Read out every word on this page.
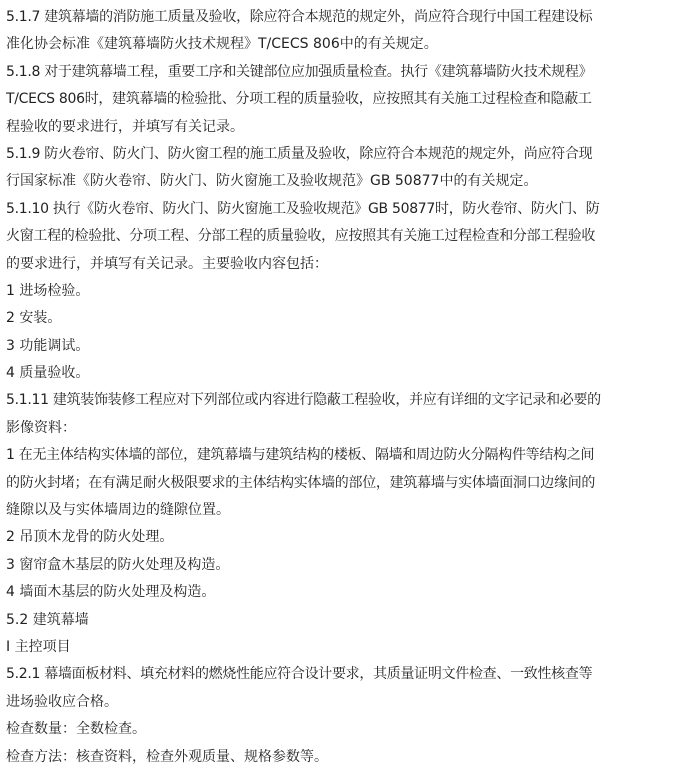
5.1.7 建筑幕墙的消防施工质量及验收，除应符合本规范的规定外，尚应符合现行中国工程建设标

准化协会标准《建筑幕墙防火技术规程》T/CECS 806中的有关规定。

5.1.8 对于建筑幕墙工程，重要工序和关键部位应加强质量检查。执行《建筑幕墙防火技术规程》

T/CECS 806时，建筑幕墙的检验批、分项工程的质量验收，应按照其有关施工过程检查和隐蔽工

程验收的要求进行，并填写有关记录。

5.1.9 防火卷帘、防火门、防火窗工程的施工质量及验收，除应符合本规范的规定外，尚应符合现

行国家标准《防火卷帘、防火门、防火窗施工及验收规范》GB 50877中的有关规定。

5.1.10 执行《防火卷帘、防火门、防火窗施工及验收规范》GB 50877时，防火卷帘、防火门、防

火窗工程的检验批、分项工程、分部工程的质量验收，应按照其有关施工过程检查和分部工程验收

的要求进行，并填写有关记录。主要验收内容包括：

1 进场检验。

2 安装。

3 功能调试。

4 质量验收。

5.1.11 建筑装饰装修工程应对下列部位或内容进行隐蔽工程验收，并应有详细的文字记录和必要的

影像资料：

1 在无主体结构实体墙的部位，建筑幕墙与建筑结构的楼板、隔墙和周边防火分隔构件等结构之间

的防火封堵；在有满足耐火极限要求的主体结构实体墙的部位，建筑幕墙与实体墙面洞口边缘间的

缝隙以及与实体墙周边的缝隙位置。

2 吊顶木龙骨的防火处理。

3 窗帘盒木基层的防火处理及构造。

4 墙面木基层的防火处理及构造。

5.2 建筑幕墙

Ⅰ 主控项目

5.2.1 幕墙面板材料、填充材料的燃烧性能应符合设计要求，其质量证明文件检查、一致性核查等

进场验收应合格。

检查数量：全数检查。

检查方法：核查资料，检查外观质量、规格参数等。
